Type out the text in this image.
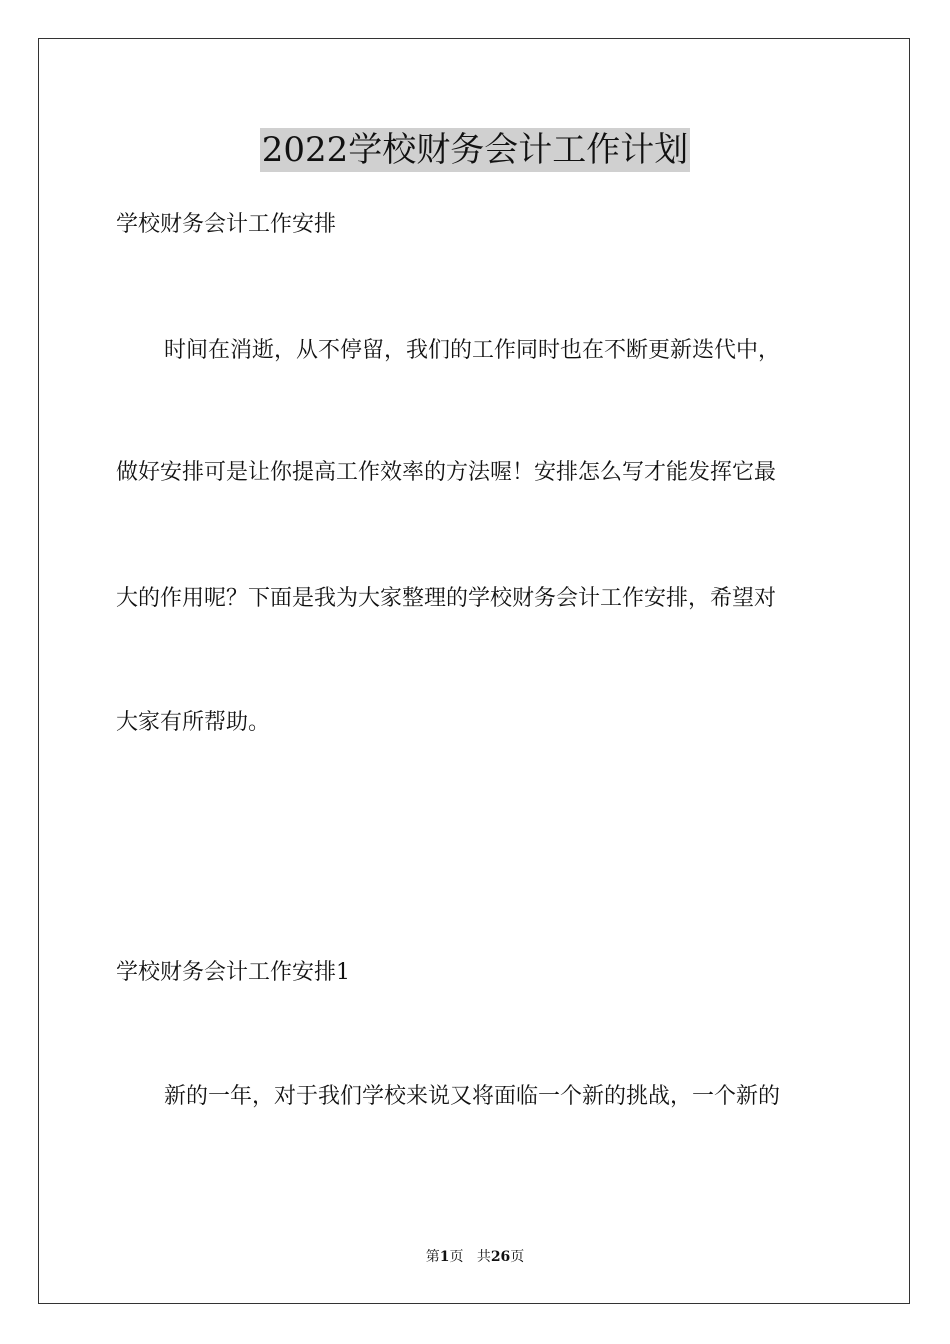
2022学校财务会计工作计划
学校财务会计工作安排
时间在消逝，从不停留，我们的工作同时也在不断更新迭代中，
做好安排可是让你提高工作效率的方法喔！安排怎么写才能发挥它最
大的作用呢？下面是我为大家整理的学校财务会计工作安排，希望对
大家有所帮助。
学校财务会计工作安排1
新的一年，对于我们学校来说又将面临一个新的挑战，一个新的
第1页 共26页
